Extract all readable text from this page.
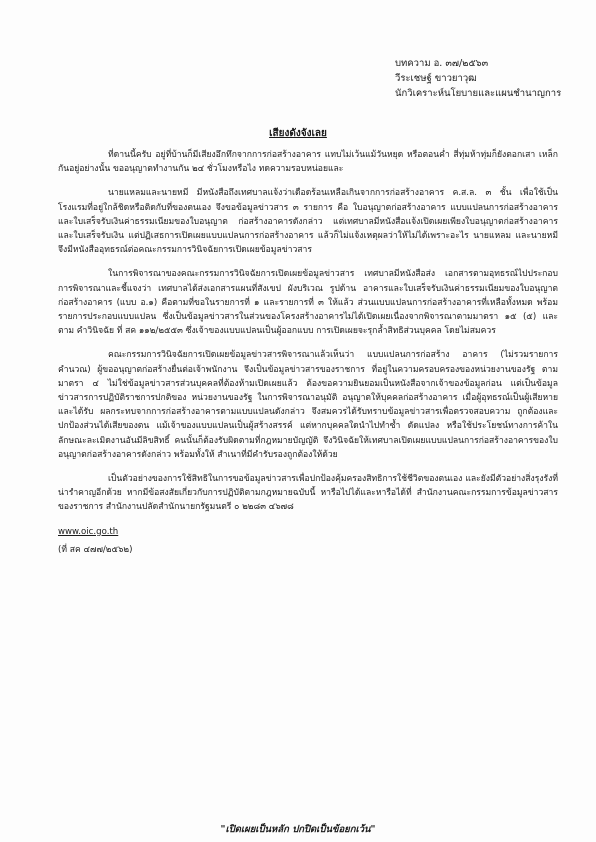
บทความ อ. ๓๗/๒๕๖๓
วีระเชษฐ์ ขาวยาวุฒ
นักวิเคราะห์นโยบายและแผนชำนาญการ
เสียงดังจังเลย

ที่ดานนี้ครับ อยู่ที่บ้านก็มีเสียงอึกทึกจากการก่อสร้างอาคาร แทบไม่เว้นแม้วันหยุด หรือตอนค่ำ สี่ทุ่มห้าทุ่มก็ยังตอกเสา เหล็กกันอยู่อย่างนั้น ขออนุญาตทำงานกัน ๒๔ ชั่วโมงหรือไง ทดความรอบหน่อยและ

นายแหลมและนายหมี มีหนังสือถึงเทศบาลแจ้งว่าเดือดร้อนเหลือเกินจากการก่อสร้างอาคาร ค.ส.ล. ๓ ชั้น เพื่อใช้เป็นโรงแรมที่อยู่ใกล้ชิดหรือติดกับที่ของตนเอง จึงขอข้อมูลข่าวสาร ๓ รายการ คือ ใบอนุญาตก่อสร้างอาคาร แบบแปลนการก่อสร้างอาคารและใบเสร็จรับเงินค่าธรรมเนียมของใบอนุญาต ก่อสร้างอาคารดังกล่าว แต่เทศบาลมีหนังสือแจ้งเปิดเผยเพียงใบอนุญาตก่อสร้างอาคาร และใบเสร็จรับเงิน แต่ปฏิเสธการเปิดเผยแบบแปลนการก่อสร้างอาคาร แล้วก็ไม่แจ้งเหตุผลว่าให้ไม่ได้เพราะอะไร นายแหลม และนายหมีจึงมีหนังสืออุทธรณ์ต่อคณะกรรมการวินิจฉัยการเปิดเผยข้อมูลข่าวสาร

ในการพิจารณาของคณะกรรมการวินิจฉัยการเปิดเผยข้อมูลข่าวสาร เทศบาลมีหนังสือส่ง เอกสารตามอุทธรณ์ไปประกอบการพิจารณาและชี้แจงว่า เทศบาลได้ส่งเอกสารแผนที่สังเขป ผังบริเวณ รูปด้าน อาคารและใบเสร็จรับเงินค่าธรรมเนียมของใบอนุญาตก่อสร้างอาคาร (แบบ อ.๑) คือตามที่ขอในรายการที่ ๑ และรายการที่ ๓ ให้แล้ว ส่วนแบบแปลนการก่อสร้างอาคารที่เหลือทั้งหมด พร้อมรายการประกอบแบบแปลน ซึ่งเป็นข้อมูลข่าวสารในส่วนของโครงสร้างอาคารไม่ได้เปิดเผยเนื่องจากพิจารณาตามมาตรา ๑๕ (๕) และตาม คำวินิจฉัย ที่ สค ๑๑๒/๒๕๕๓ ซึ่งเจ้าของแบบแปลนเป็นผู้ออกแบบ การเปิดเผยจะรุกล้ำสิทธิส่วนบุคคล โดยไม่สมควร

คณะกรรมการวินิจฉัยการเปิดเผยข้อมูลข่าวสารพิจารณาแล้วเห็นว่า แบบแปลนการก่อสร้าง อาคาร (ไม่รวมรายการคำนวณ) ผู้ขออนุญาตก่อสร้างยื่นต่อเจ้าพนักงาน จึงเป็นข้อมูลข่าวสารของราชการ ที่อยู่ในความครอบครองของหน่วยงานของรัฐ ตามมาตรา ๔ ไม่ใช่ข้อมูลข่าวสารส่วนบุคคลที่ต้องห้ามเปิดเผยแล้ว ต้องขอความยินยอมเป็นหนังสือจากเจ้าของข้อมูลก่อน แต่เป็นข้อมูลข่าวสารการปฏิบัติราชการปกติของ หน่วยงานของรัฐ ในการพิจารณาอนุมัติ อนุญาตให้บุคคลก่อสร้างอาคาร เมื่อผู้อุทธรณ์เป็นผู้เสียหายและได้รับ ผลกระทบจากการก่อสร้างอาคารตามแบบแปลนดังกล่าว จึงสมควรได้รับทราบข้อมูลข่าวสารเพื่อตรวจสอบความ ถูกต้องและปกป้องส่วนได้เสียของตน แม้เจ้าของแบบแปลนเป็นผู้สร้างสรรค์ แต่หากบุคคลใดนำไปทำซ้ำ ดัดแปลง หรือใช้ประโยชน์ทางการค้าในลักษณะละเมิดงานอันมีลิขสิทธิ์ คนนั้นก็ต้องรับผิดตามที่กฎหมายบัญญัติ จึงวินิจฉัยให้เทศบาลเปิดเผยแบบแปลนการก่อสร้างอาคารของใบอนุญาตก่อสร้างอาคารดังกล่าว พร้อมทั้งให้ สำเนาที่มีคำรับรองถูกต้องให้ด้วย

เป็นตัวอย่างของการใช้สิทธิในการขอข้อมูลข่าวสารเพื่อปกป้องคุ้มครองสิทธิการใช้ชีวิตของตนเอง และยังมีตัวอย่างสิ่งรุงรังที่น่ารำคาญอีกด้วย หากมีข้อสงสัยเกี่ยวกับการปฏิบัติตามกฎหมายฉบับนี้ หารือไปได้และหารือได้ที่ สำนักงานคณะกรรมการข้อมูลข่าวสารของราชการ สำนักงานปลัดสำนักนายกรัฐมนตรี ๐ ๒๒๘๓ ๔๖๗๘

www.oic.go.th
(ที่ สค ๔๗๗/๒๕๖๒)
"เปิดเผยเป็นหลัก ปกปิดเป็นข้อยกเว้น"
